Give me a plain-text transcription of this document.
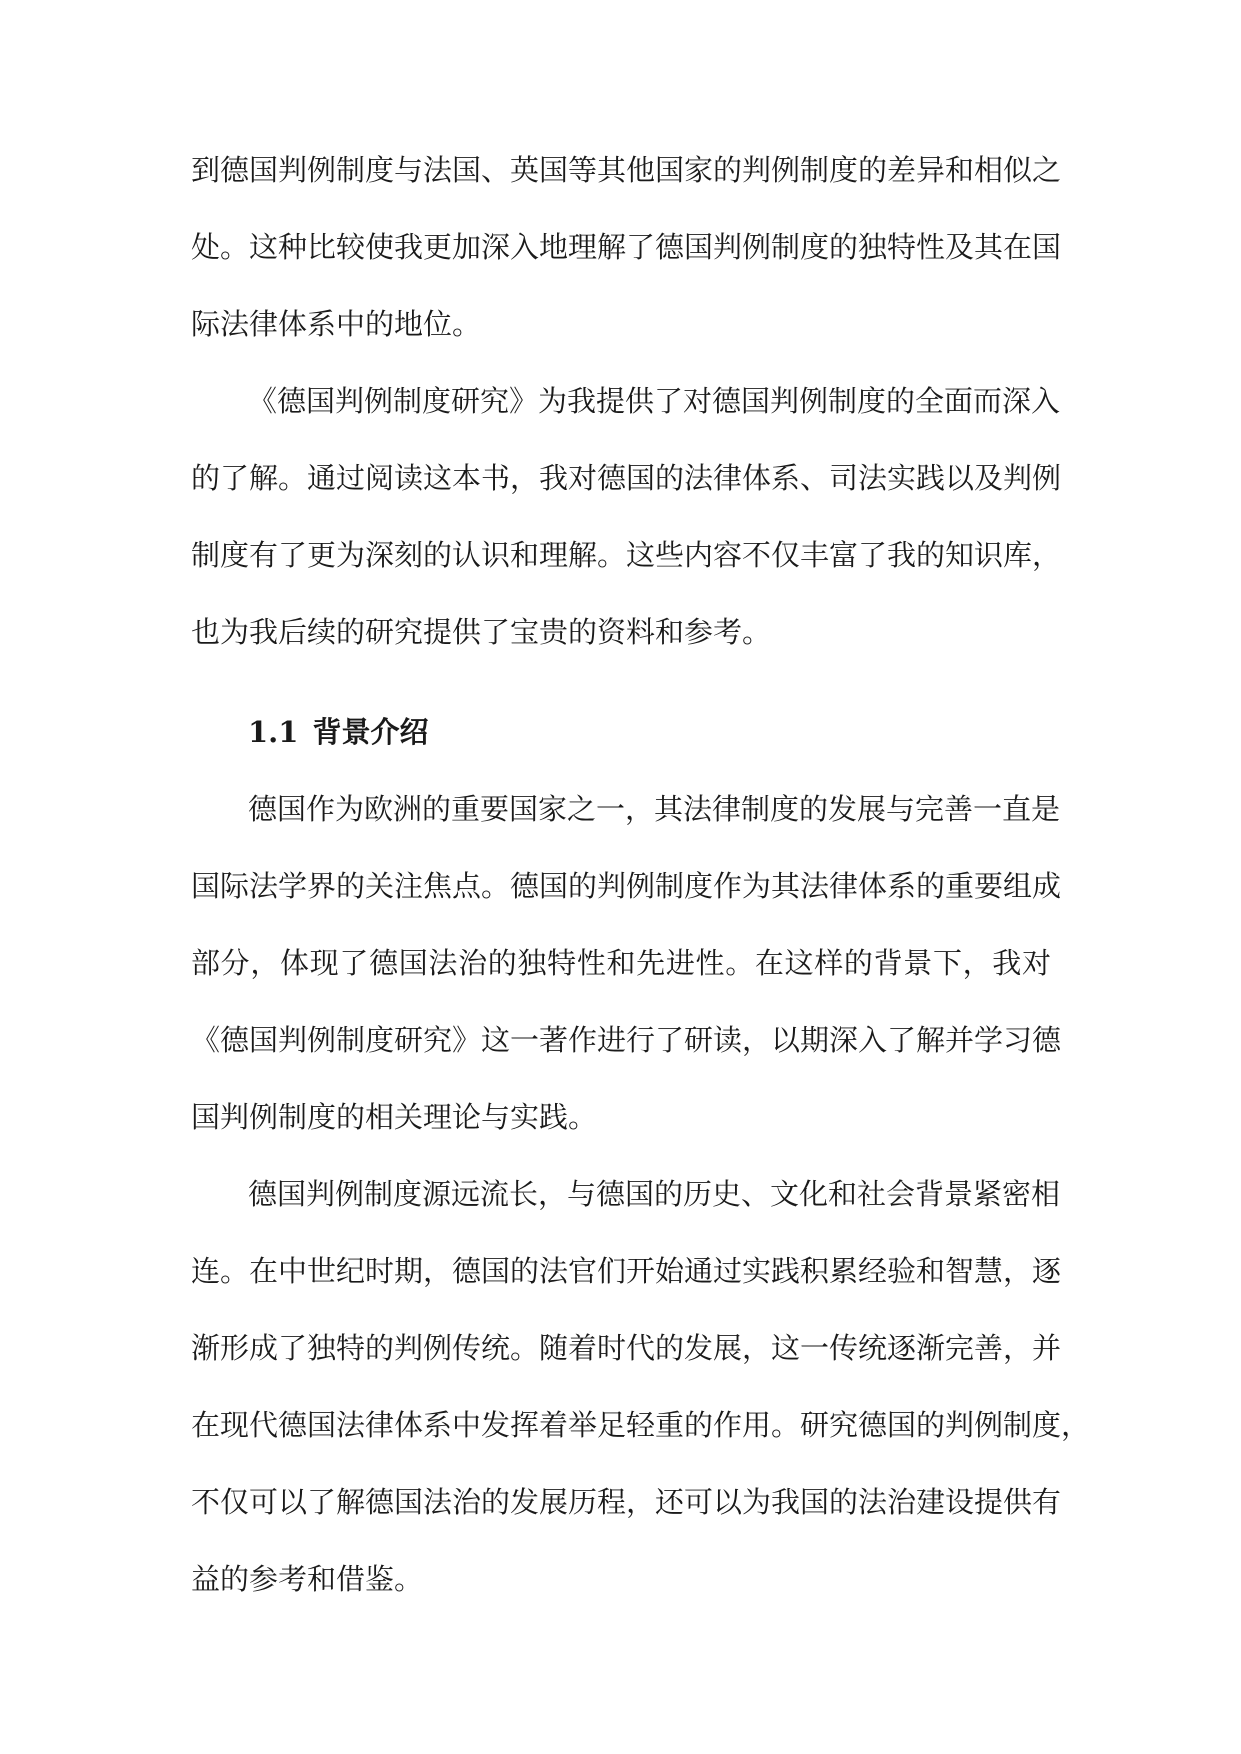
到德国判例制度与法国、英国等其他国家的判例制度的差异和相似之
处。这种比较使我更加深入地理解了德国判例制度的独特性及其在国
际法律体系中的地位。
《德国判例制度研究》为我提供了对德国判例制度的全面而深入
的了解。通过阅读这本书，我对德国的法律体系、司法实践以及判例
制度有了更为深刻的认识和理解。这些内容不仅丰富了我的知识库，
也为我后续的研究提供了宝贵的资料和参考。
1.1 背景介绍
德国作为欧洲的重要国家之一，其法律制度的发展与完善一直是
国际法学界的关注焦点。德国的判例制度作为其法律体系的重要组成
部分，体现了德国法治的独特性和先进性。在这样的背景下，我对
《德国判例制度研究》这一著作进行了研读，以期深入了解并学习德
国判例制度的相关理论与实践。
德国判例制度源远流长，与德国的历史、文化和社会背景紧密相
连。在中世纪时期，德国的法官们开始通过实践积累经验和智慧，逐
渐形成了独特的判例传统。随着时代的发展，这一传统逐渐完善，并
在现代德国法律体系中发挥着举足轻重的作用。研究德国的判例制度，
不仅可以了解德国法治的发展历程，还可以为我国的法治建设提供有
益的参考和借鉴。
